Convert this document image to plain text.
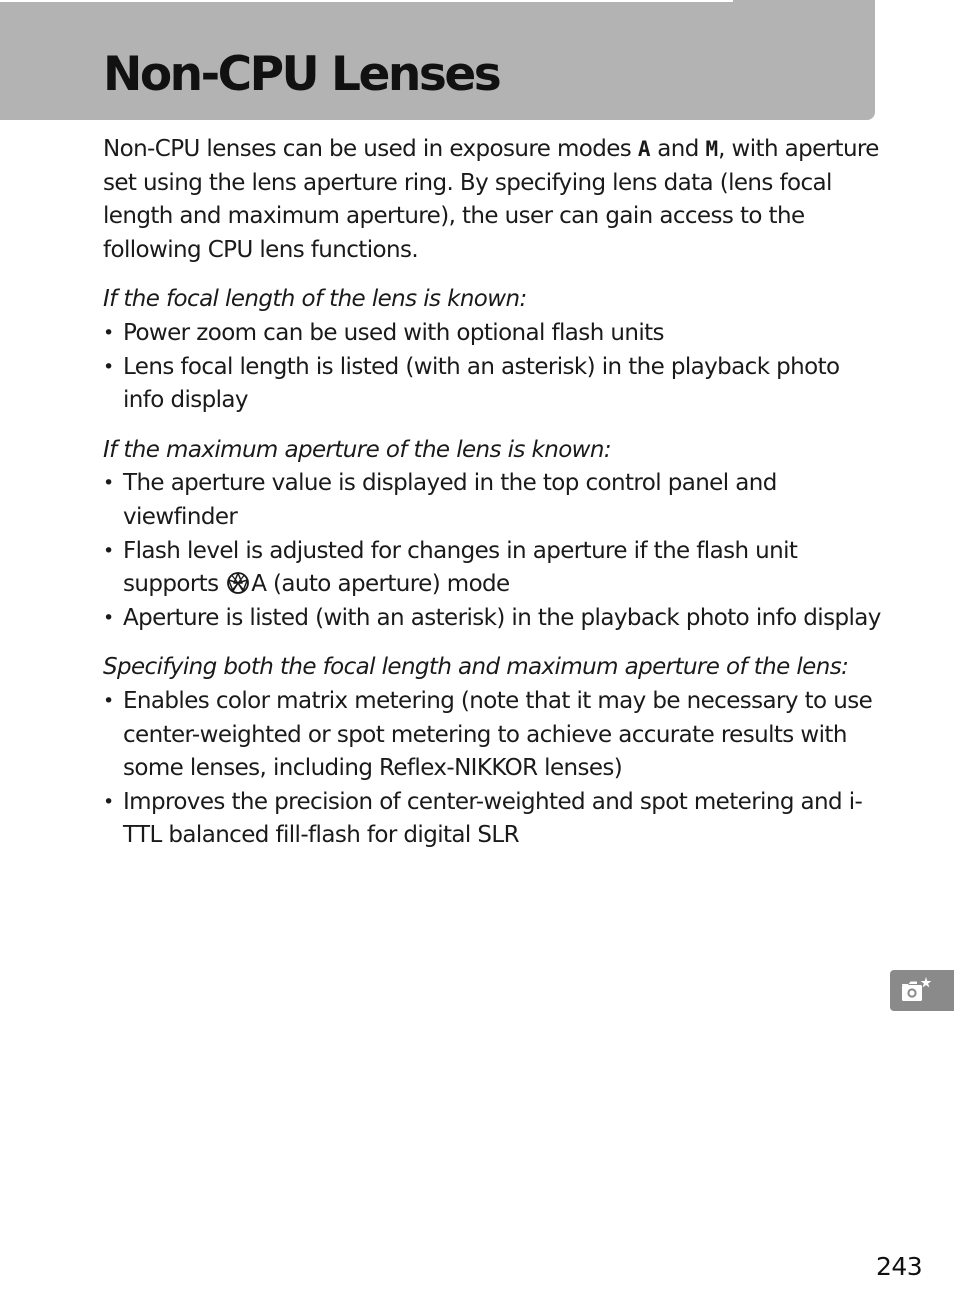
Non-CPU Lenses

Non-CPU lenses can be used in exposure modes A and M, with aperture set using the lens aperture ring. By specifying lens data (lens focal length and maximum aperture), the user can gain access to the following CPU lens functions.

If the focal length of the lens is known:

• Power zoom can be used with optional flash units
• Lens focal length is listed (with an asterisk) in the playback photo info display

If the maximum aperture of the lens is known:

• The aperture value is displayed in the top control panel and viewfinder
• Flash level is adjusted for changes in aperture if the flash unit supports A (auto aperture) mode
• Aperture is listed (with an asterisk) in the playback photo info display

Specifying both the focal length and maximum aperture of the lens:

• Enables color matrix metering (note that it may be necessary to use center-weighted or spot metering to achieve accurate results with some lenses, including Reflex-NIKKOR lenses)
• Improves the precision of center-weighted and spot metering and i-TTL balanced fill-flash for digital SLR
243
